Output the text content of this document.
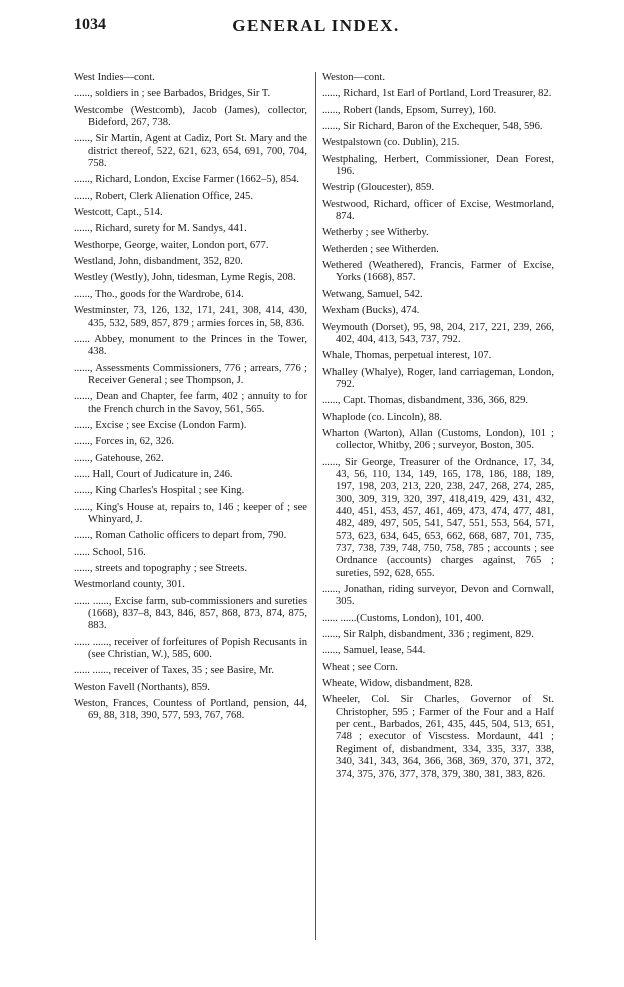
1034	GENERAL INDEX.
West Indies—cont.
......, soldiers in ; see Barbados, Bridges, Sir T.
Westcombe (Westcomb), Jacob (James), collector, Bideford, 267, 738.
......, Sir Martin, Agent at Cadiz, Port St. Mary and the district thereof, 522, 621, 623, 654, 691, 700, 704, 758.
......, Richard, London, Excise Farmer (1662–5), 854.
......, Robert, Clerk Alienation Office, 245.
Westcott, Capt., 514.
......, Richard, surety for M. Sandys, 441.
Westhorpe, George, waiter, London port, 677.
Westland, John, disbandment, 352, 820.
Westley (Westly), John, tidesman, Lyme Regis, 208.
......, Tho., goods for the Wardrobe, 614.
Westminster, 73, 126, 132, 171, 241, 308, 414, 430, 435, 532, 589, 857, 879 ; armies forces in, 58, 836.
...... Abbey, monument to the Princes in the Tower, 438.
......, Assessments Commissioners, 776 ; arrears, 776 ; Receiver General ; see Thompson, J.
......, Dean and Chapter, fee farm, 402 ; annuity to for the French church in the Savoy, 561, 565.
......, Excise ; see Excise (London Farm).
......, Forces in, 62, 326.
......, Gatehouse, 262.
...... Hall, Court of Judicature in, 246.
......, King Charles's Hospital ; see King.
......, King's House at, repairs to, 146 ; keeper of ; see Whinyard, J.
......, Roman Catholic officers to depart from, 790.
...... School, 516.
......, streets and topography ; see Streets.
Westmorland county, 301.
...... ......, Excise farm, sub-commissioners and sureties (1668), 837–8, 843, 846, 857, 868, 873, 874, 875, 883.
...... ......, receiver of forfeitures of Popish Recusants in (see Christian, W.), 585, 600.
...... ......, receiver of Taxes, 35 ; see Basire, Mr.
Weston Favell (Northants), 859.
Weston, Frances, Countess of Portland, pension, 44, 69, 88, 318, 390, 577, 593, 767, 768.
Weston—cont.
......, Richard, 1st Earl of Portland, Lord Treasurer, 82.
......, Robert (lands, Epsom, Surrey), 160.
......, Sir Richard, Baron of the Exchequer, 548, 596.
Westpalstown (co. Dublin), 215.
Westphaling, Herbert, Commissioner, Dean Forest, 196.
Westrip (Gloucester), 859.
Westwood, Richard, officer of Excise, Westmorland, 874.
Wetherby ; see Witherby.
Wetherden ; see Witherden.
Wethered (Weathered), Francis, Farmer of Excise, Yorks (1668), 857.
Wetwang, Samuel, 542.
Wexham (Bucks), 474.
Weymouth (Dorset), 95, 98, 204, 217, 221, 239, 266, 402, 404, 413, 543, 737, 792.
Whale, Thomas, perpetual interest, 107.
Whalley (Whalye), Roger, land carriageman, London, 792.
......, Capt. Thomas, disbandment, 336, 366, 829.
Whaplode (co. Lincoln), 88.
Wharton (Warton), Allan (Customs, London), 101 ; collector, Whitby, 206 ; surveyor, Boston, 305.
......, Sir George, Treasurer of the Ordnance, 17, 34, 43, 56, 110, 134, 149, 165, 178, 186, 188, 189, 197, 198, 203, 213, 220, 238, 247, 268, 274, 285, 300, 309, 319, 320, 397, 418,419, 429, 431, 432, 440, 451, 453, 457, 461, 469, 473, 474, 477, 481, 482, 489, 497, 505, 541, 547, 551, 553, 564, 571, 573, 623, 634, 645, 653, 662, 668, 687, 701, 735, 737, 738, 739, 748, 750, 758, 785 ; accounts ; see Ordnance (accounts) charges against, 765 ; sureties, 592, 628, 655.
......, Jonathan, riding surveyor, Devon and Cornwall, 305.
...... ......(Customs, London), 101, 400.
......, Sir Ralph, disbandment, 336 ; regiment, 829.
......, Samuel, lease, 544.
Wheat ; see Corn.
Wheate, Widow, disbandment, 828.
Wheeler, Col. Sir Charles, Governor of St. Christopher, 595 ; Farmer of the Four and a Half per cent., Barbados, 261, 435, 445, 504, 513, 651, 748 ; executor of Viscstess. Mordaunt, 441 ; Regiment of, disbandment, 334, 335, 337, 338, 340, 341, 343, 364, 366, 368, 369, 370, 371, 372, 374, 375, 376, 377, 378, 379, 380, 381, 383, 826.
